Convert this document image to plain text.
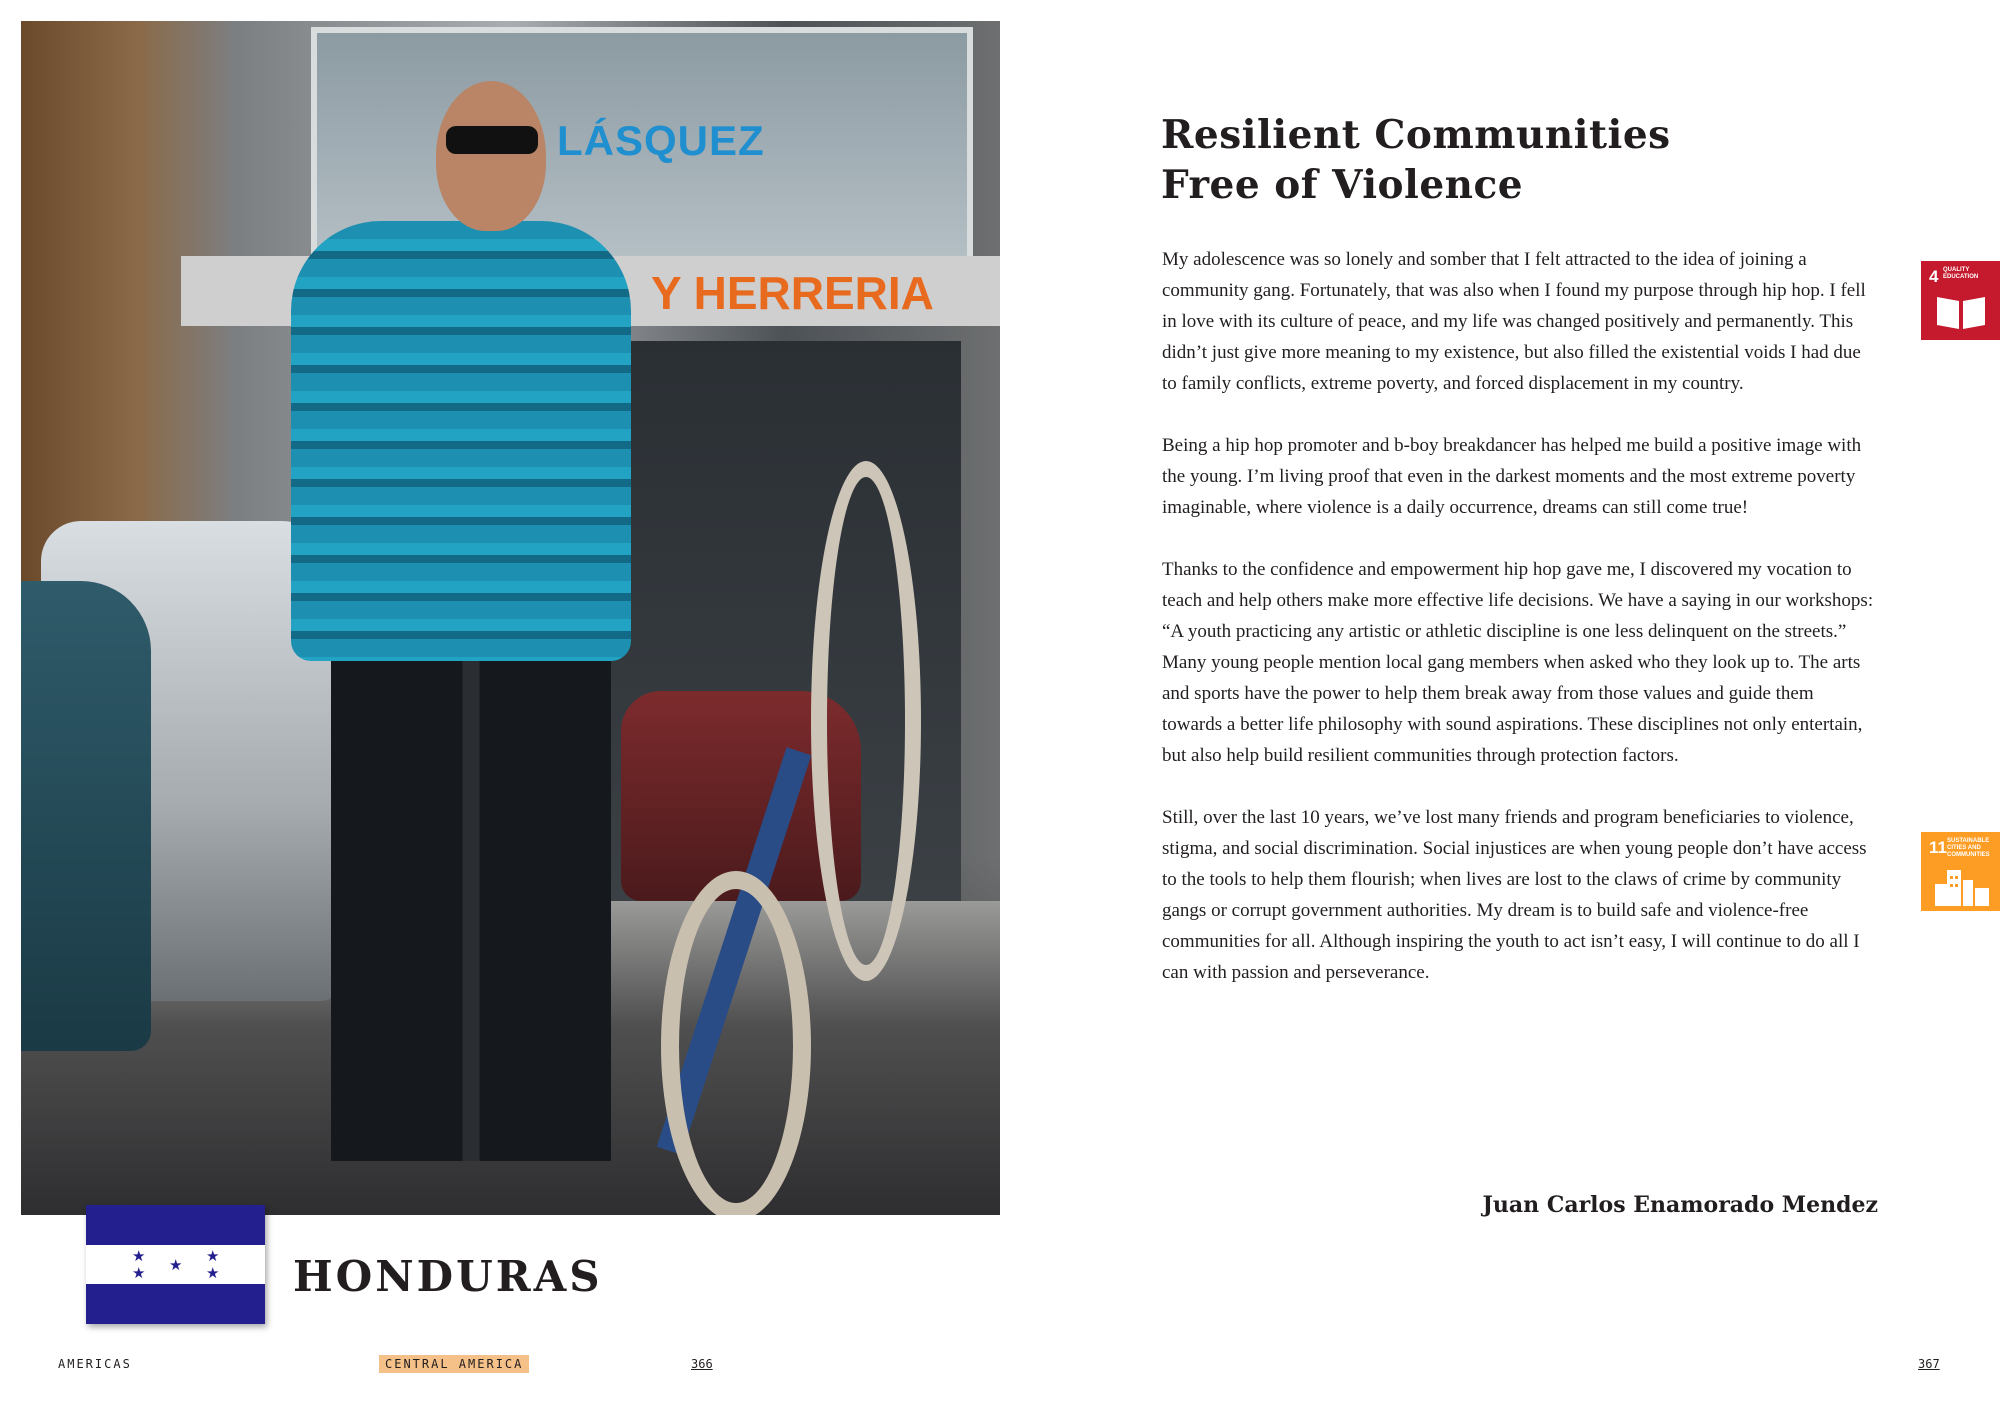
LÁSQUEZ
Y HERRERIA
★
★ ★ ★
★ HONDURAS
AMERICAS	CENTRAL AMERICA	366
Resilient Communities
Free of Violence

My adolescence was so lonely and somber that I felt attracted to the idea of joining a community gang. Fortunately, that was also when I found my purpose through hip hop. I fell in love with its culture of peace, and my life was changed positively and permanently. This didn’t just give more meaning to my existence, but also filled the existential voids I had due to family conflicts, extreme poverty, and forced displacement in my country.

Being a hip hop promoter and b-boy breakdancer has helped me build a positive image with the young. I’m living proof that even in the darkest moments and the most extreme poverty imaginable, where violence is a daily occurrence, dreams can still come true!

Thanks to the confidence and empowerment hip hop gave me, I discovered my vocation to teach and help others make more effective life decisions. We have a saying in our workshops: “A youth practicing any artistic or athletic discipline is one less delinquent on the streets.” Many young people mention local gang members when asked who they look up to. The arts and sports have the power to help them break away from those values and guide them towards a better life philosophy with sound aspirations. These disciplines not only entertain, but also help build resilient communities through protection factors.

Still, over the last 10 years, we’ve lost many friends and program beneficiaries to violence, stigma, and social discrimination. Social injustices are when young people don’t have access to the tools to help them flourish; when lives are lost to the claws of crime by community gangs or corrupt government authorities. My dream is to build safe and violence-free communities for all. Although inspiring the youth to act isn’t easy, I will continue to do all I can with passion and perseverance.

Juan Carlos Enamorado Mendez
4 QUALITY EDUCATION
11 SUSTAINABLE CITIES AND COMMUNITIES
367
